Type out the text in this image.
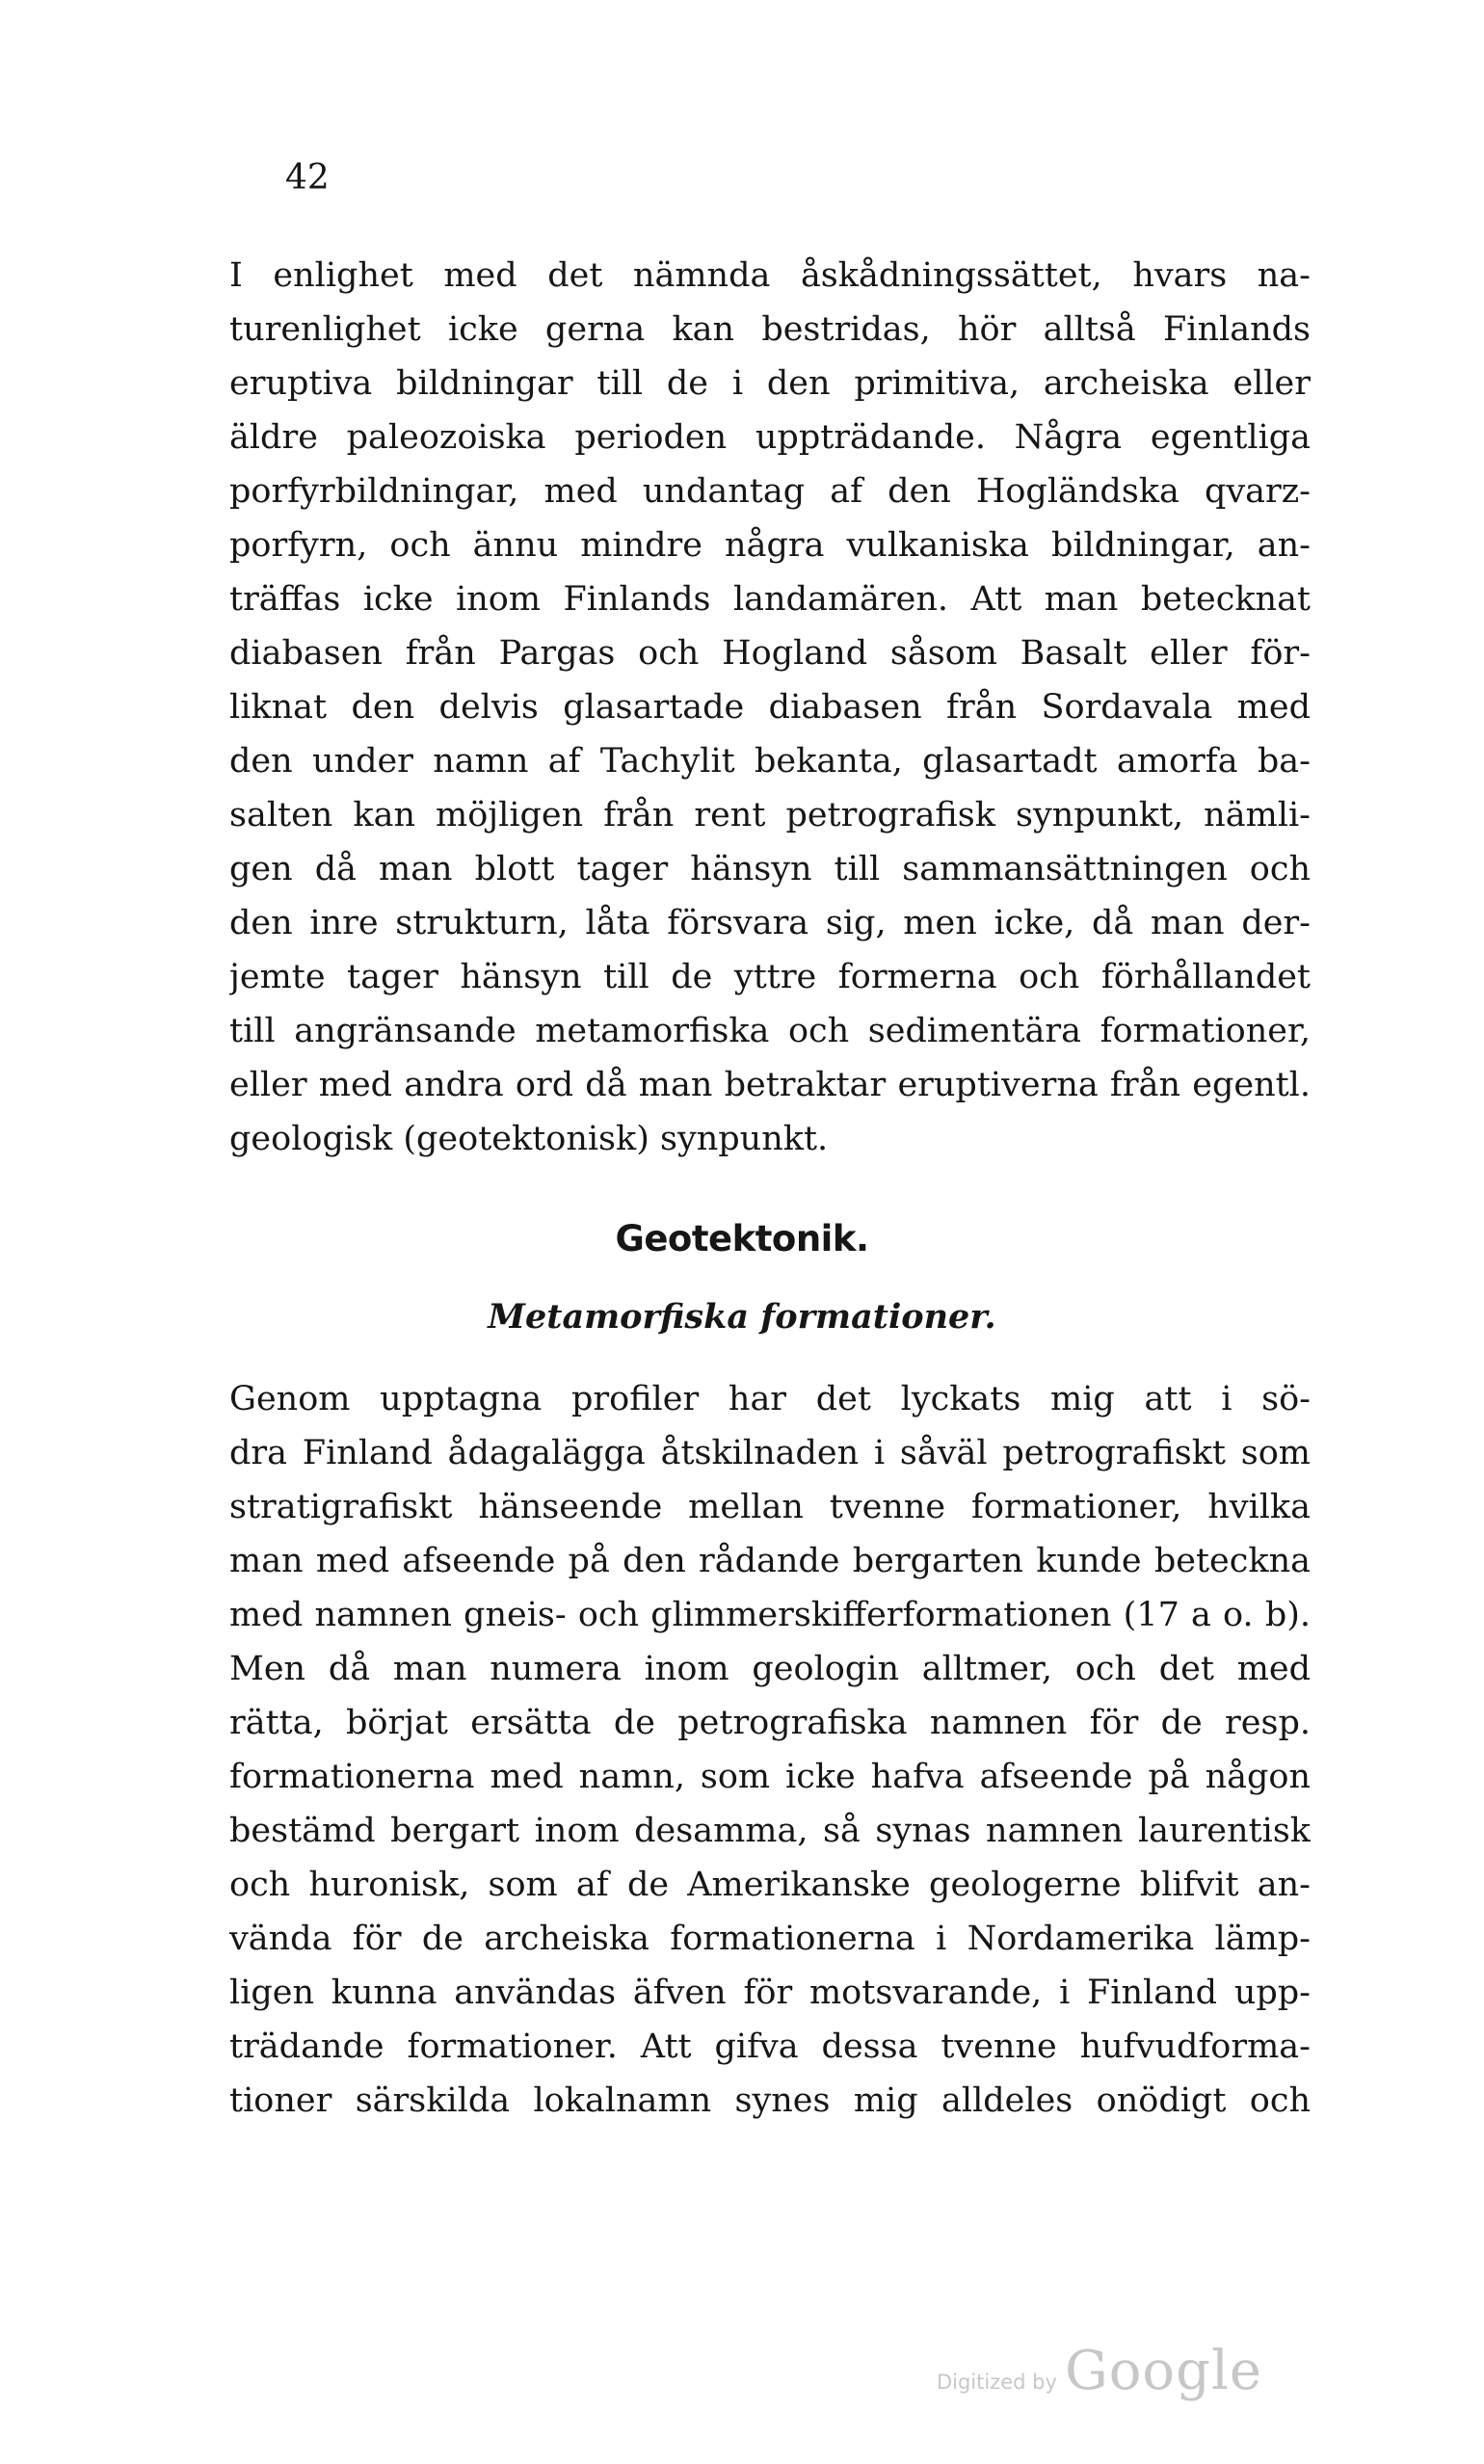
42

I enlighet med det nämnda åskådningssättet, hvars na-
turenlighet icke gerna kan bestridas, hör alltså Finlands
eruptiva bildningar till de i den primitiva, archeiska eller
äldre paleozoiska perioden uppträdande. Några egentliga
porfyrbildningar, med undantag af den Hogländska qvarz-
porfyrn, och ännu mindre några vulkaniska bildningar, an-
träffas icke inom Finlands landamären. Att man betecknat
diabasen från Pargas och Hogland såsom Basalt eller för-
liknat den delvis glasartade diabasen från Sordavala med
den under namn af Tachylit bekanta, glasartadt amorfa ba-
salten kan möjligen från rent petrografisk synpunkt, nämli-
gen då man blott tager hänsyn till sammansättningen och
den inre strukturn, låta försvara sig, men icke, då man der-
jemte tager hänsyn till de yttre formerna och förhållandet
till angränsande metamorfiska och sedimentära formationer,
eller med andra ord då man betraktar eruptiverna från egentl.
geologisk (geotektonisk) synpunkt.
Geotektonik.
Metamorfiska formationer.
Genom upptagna profiler har det lyckats mig att i sö-
dra Finland ådagalägga åtskilnaden i såväl petrografiskt som
stratigrafiskt hänseende mellan tvenne formationer, hvilka
man med afseende på den rådande bergarten kunde beteckna
med namnen gneis- och glimmerskifferformationen (17 a o. b).
Men då man numera inom geologin alltmer, och det med
rätta, börjat ersätta de petrografiska namnen för de resp.
formationerna med namn, som icke hafva afseende på någon
bestämd bergart inom desamma, så synas namnen laurentisk
och huronisk, som af de Amerikanske geologerne blifvit an-
vända för de archeiska formationerna i Nordamerika lämp-
ligen kunna användas äfven för motsvarande, i Finland upp-
trädande formationer. Att gifva dessa tvenne hufvudforma-
tioner särskilda lokalnamn synes mig alldeles onödigt och
Digitized by Google
